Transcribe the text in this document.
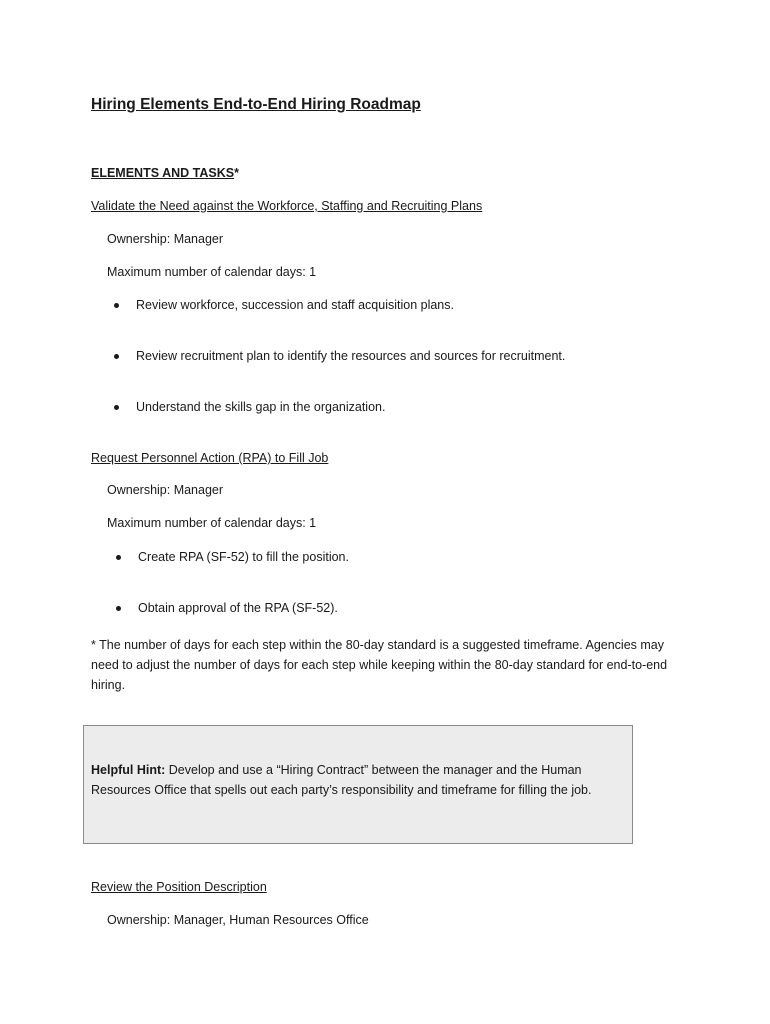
Hiring Elements End-to-End Hiring Roadmap
ELEMENTS AND TASKS*
Validate the Need against the Workforce, Staffing and Recruiting Plans
Ownership: Manager
Maximum number of calendar days: 1
Review workforce, succession and staff acquisition plans.
Review recruitment plan to identify the resources and sources for recruitment.
Understand the skills gap in the organization.
Request Personnel Action (RPA) to Fill Job
Ownership: Manager
Maximum number of calendar days: 1
Create RPA (SF-52) to fill the position.
Obtain approval of the RPA (SF-52).
* The number of days for each step within the 80-day standard is a suggested timeframe. Agencies may need to adjust the number of days for each step while keeping within the 80-day standard for end-to-end hiring.
Helpful Hint: Develop and use a “Hiring Contract” between the manager and the Human Resources Office that spells out each party’s responsibility and timeframe for filling the job.
Review the Position Description
Ownership: Manager, Human Resources Office
